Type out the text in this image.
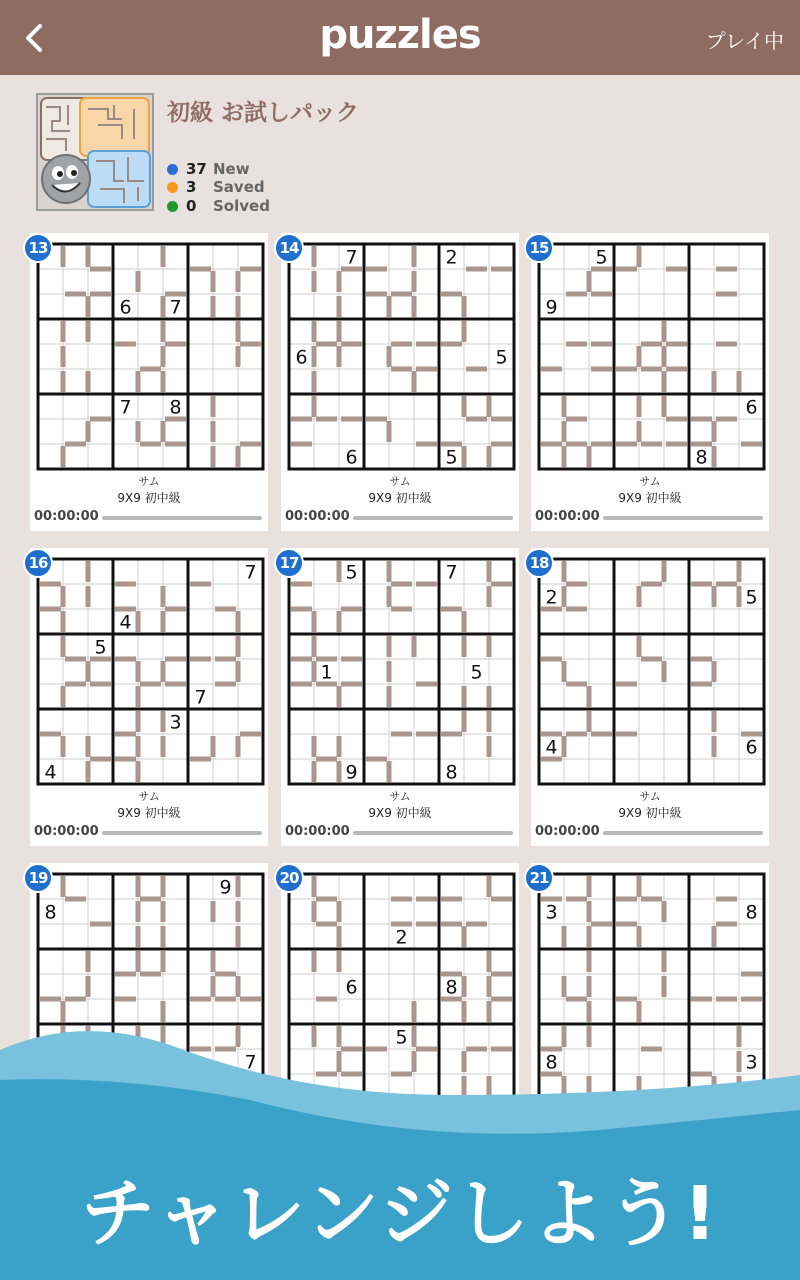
puzzles	プレイ中
初級 お試しパック
37 New
3 Saved
0 Solved
6 7
7 8
13
サム
9X9 初中級
00:00:00
7	2
6	5
6	5
14
サム
9X9 初中級
00:00:00
5
9
6
8
15
サム
9X9 初中級
00:00:00
7
4
5
7
3
4
16
サム
9X9 初中級
00:00:00
5	7
1	5
9	8
17
サム
9X9 初中級
00:00:00
2	5
4	6
18
サム
9X9 初中級
00:00:00
9
8
7
19
2
6	8
5
20
3	8
8	3
21
チャレンジしよう!
